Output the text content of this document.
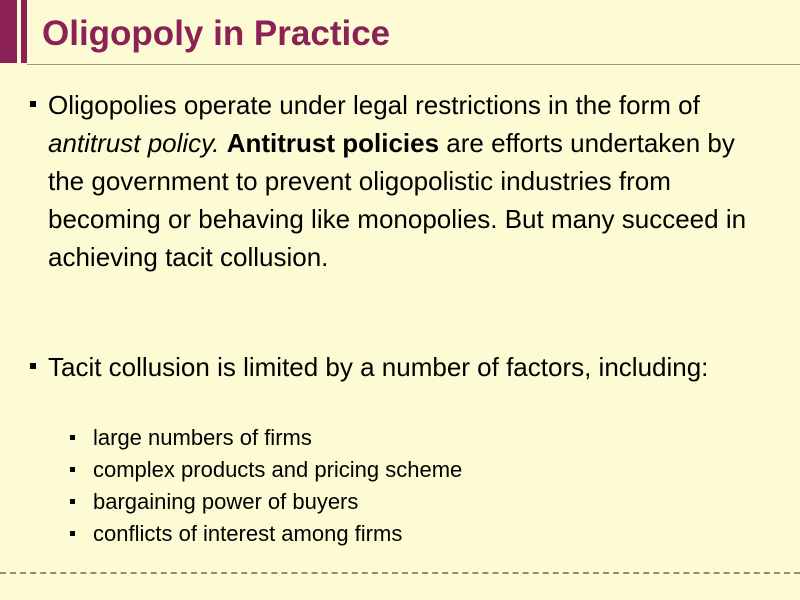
Oligopoly in Practice
Oligopolies operate under legal restrictions in the form of antitrust policy. Antitrust policies are efforts undertaken by the government to prevent oligopolistic industries from becoming or behaving like monopolies. But many succeed in achieving tacit collusion.
Tacit collusion is limited by a number of factors, including:
large numbers of firms
complex products and pricing scheme
bargaining power of buyers
conflicts of interest among firms
